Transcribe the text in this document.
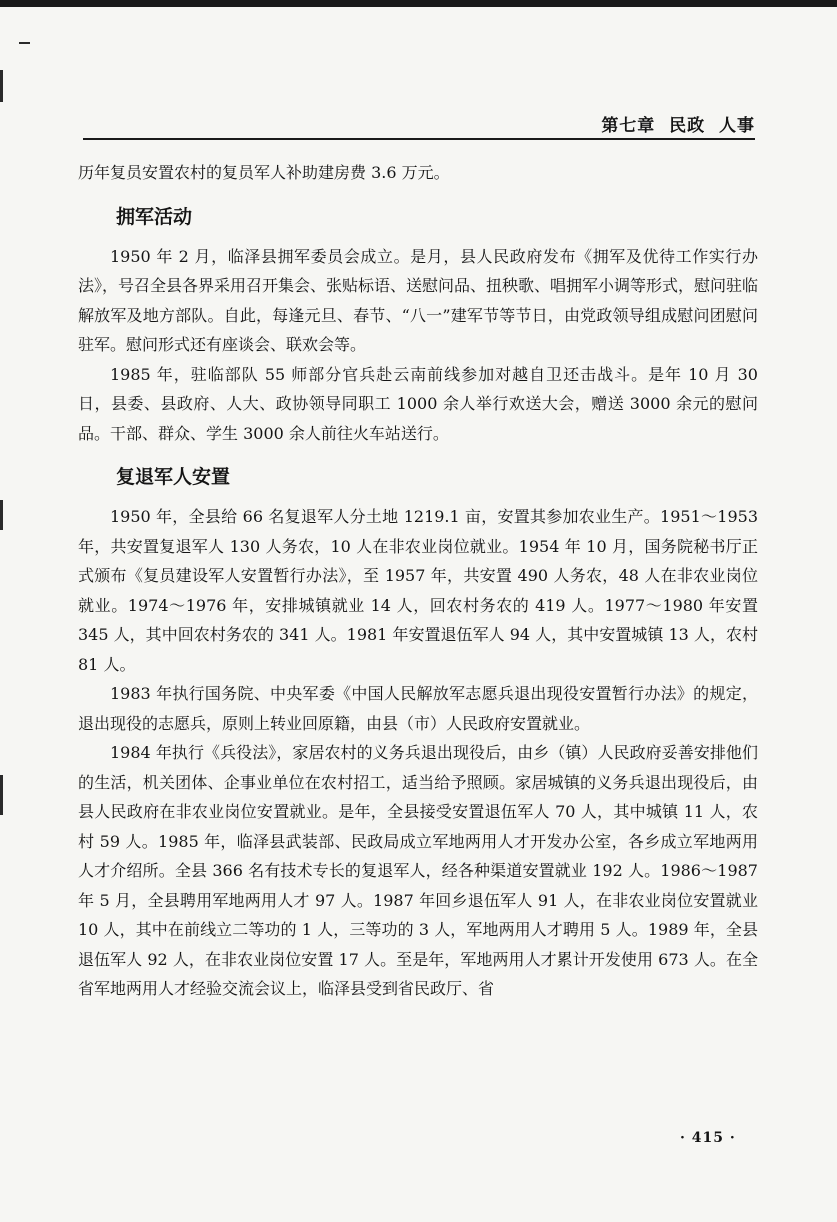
第七章  民政  人事

历年复员安置农村的复员军人补助建房费 3.6 万元。

拥军活动

1950 年 2 月，临泽县拥军委员会成立。是月，县人民政府发布《拥军及优待工作实行办法》，号召全县各界采用召开集会、张贴标语、送慰问品、扭秧歌、唱拥军小调等形式，慰问驻临解放军及地方部队。自此，每逢元旦、春节、“八一”建军节等节日，由党政领导组成慰问团慰问驻军。慰问形式还有座谈会、联欢会等。

1985 年，驻临部队 55 师部分官兵赴云南前线参加对越自卫还击战斗。是年 10 月 30 日，县委、县政府、人大、政协领导同职工 1000 余人举行欢送大会，赠送 3000 余元的慰问品。干部、群众、学生 3000 余人前往火车站送行。

复退军人安置

1950 年，全县给 66 名复退军人分土地 1219.1 亩，安置其参加农业生产。1951～1953 年，共安置复退军人 130 人务农，10 人在非农业岗位就业。1954 年 10 月，国务院秘书厅正式颁布《复员建设军人安置暂行办法》，至 1957 年，共安置 490 人务农，48 人在非农业岗位就业。1974～1976 年，安排城镇就业 14 人，回农村务农的 419 人。1977～1980 年安置 345 人，其中回农村务农的 341 人。1981 年安置退伍军人 94 人，其中安置城镇 13 人，农村 81 人。

1983 年执行国务院、中央军委《中国人民解放军志愿兵退出现役安置暂行办法》的规定，退出现役的志愿兵，原则上转业回原籍，由县（市）人民政府安置就业。

1984 年执行《兵役法》，家居农村的义务兵退出现役后，由乡（镇）人民政府妥善安排他们的生活，机关团体、企事业单位在农村招工，适当给予照顾。家居城镇的义务兵退出现役后，由县人民政府在非农业岗位安置就业。是年，全县接受安置退伍军人 70 人，其中城镇 11 人，农村 59 人。1985 年，临泽县武装部、民政局成立军地两用人才开发办公室，各乡成立军地两用人才介绍所。全县 366 名有技术专长的复退军人，经各种渠道安置就业 192 人。1986～1987 年 5 月，全县聘用军地两用人才 97 人。1987 年回乡退伍军人 91 人，在非农业岗位安置就业 10 人，其中在前线立二等功的 1 人，三等功的 3 人，军地两用人才聘用 5 人。1989 年，全县退伍军人 92 人，在非农业岗位安置 17 人。至是年，军地两用人才累计开发使用 673 人。在全省军地两用人才经验交流会议上，临泽县受到省民政厅、省

· 415 ·
